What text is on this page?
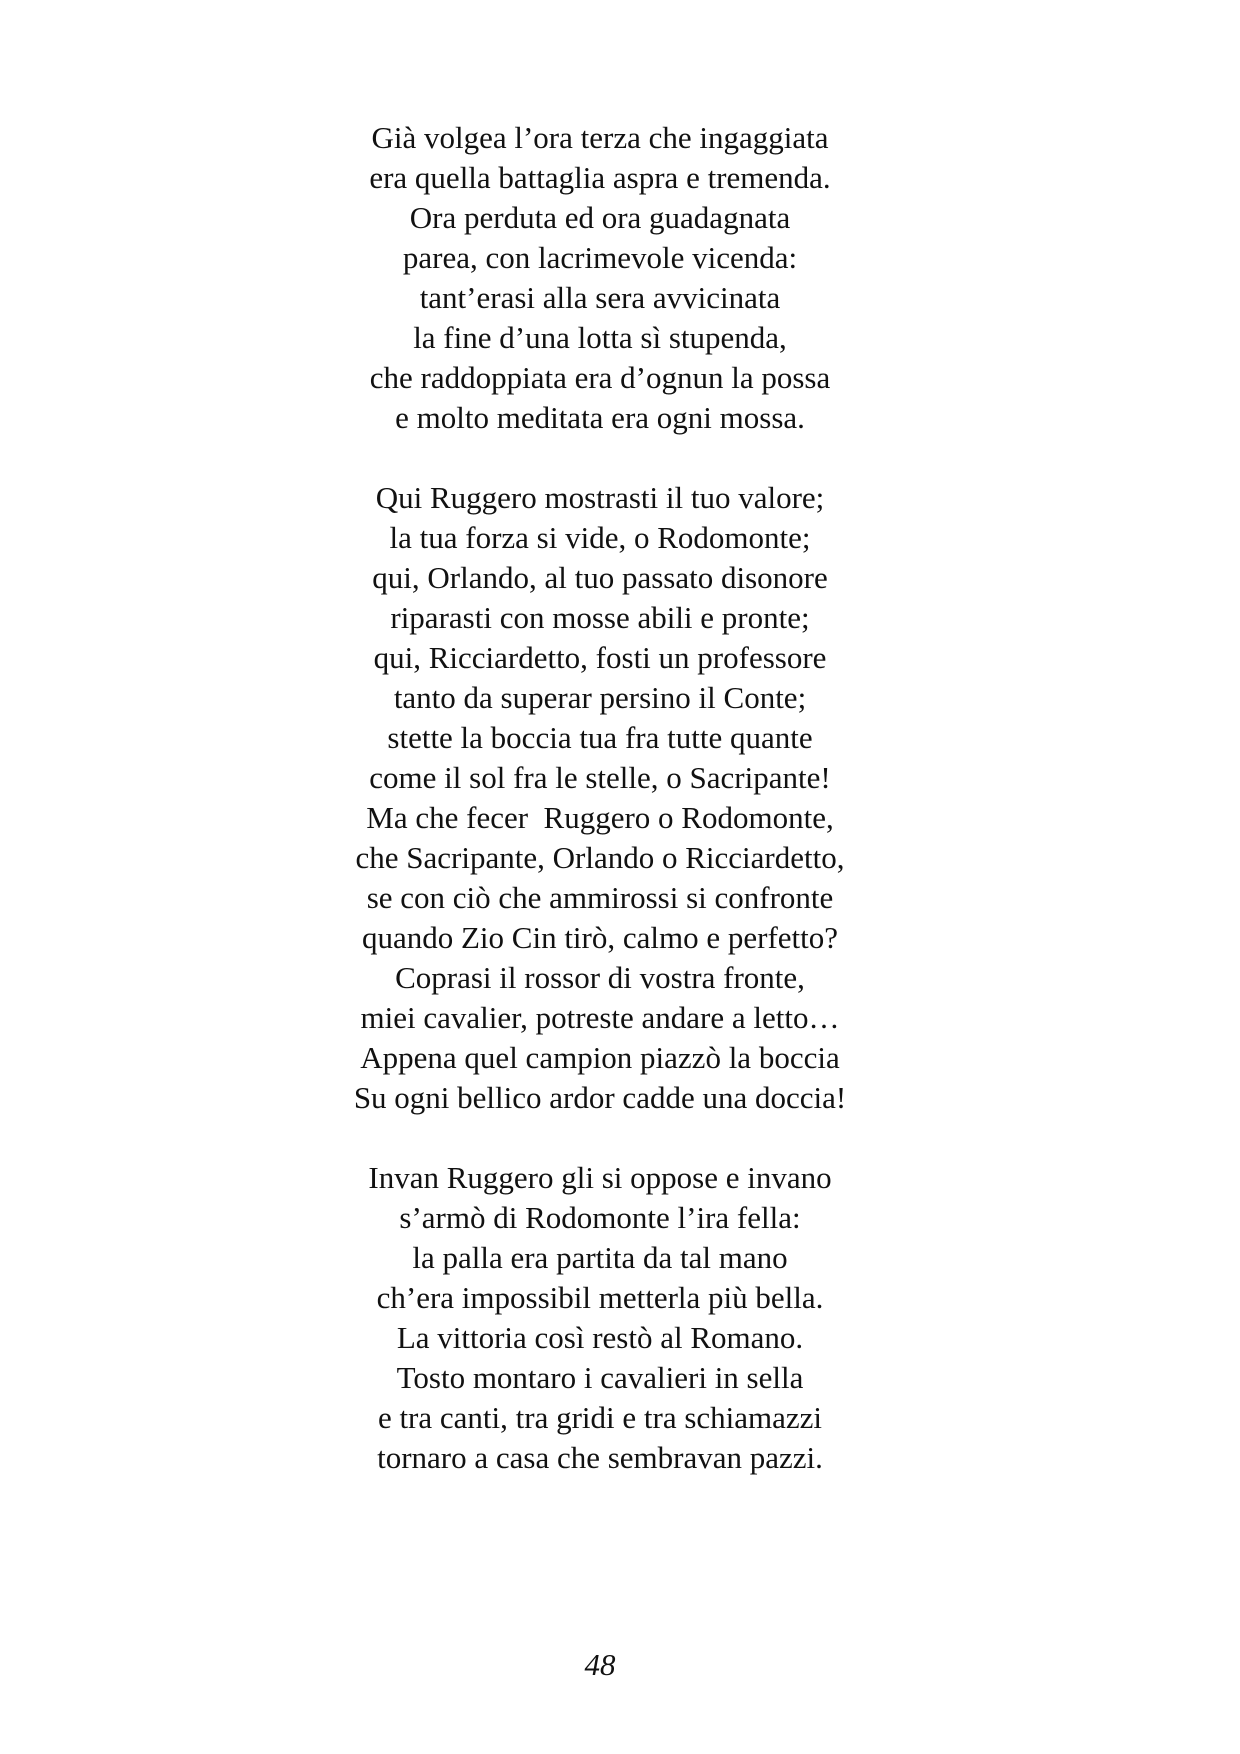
Già volgea l’ora terza che ingaggiata
era quella battaglia aspra e tremenda.
Ora perduta ed ora guadagnata
parea, con lacrimevole vicenda:
tant’erasi alla sera avvicinata
la fine d’una lotta sì stupenda,
che raddoppiata era d’ognun la possa
e molto meditata era ogni mossa.
Qui Ruggero mostrasti il tuo valore;
la tua forza si vide, o Rodomonte;
qui, Orlando, al tuo passato disonore
riparasti con mosse abili e pronte;
qui, Ricciardetto, fosti un professore
tanto da superar persino il Conte;
stette la boccia tua fra tutte quante
come il sol fra le stelle, o Sacripante!
Ma che fecer  Ruggero o Rodomonte,
che Sacripante, Orlando o Ricciardetto,
se con ciò che ammirossi si confronte
quando Zio Cin tirò, calmo e perfetto?
Coprasi il rossor di vostra fronte,
miei cavalier, potreste andare a letto…
Appena quel campion piazzò la boccia
Su ogni bellico ardor cadde una doccia!
Invan Ruggero gli si oppose e invano
s’armò di Rodomonte l’ira fella:
la palla era partita da tal mano
ch’era impossibil metterla più bella.
La vittoria così restò al Romano.
Tosto montaro i cavalieri in sella
e tra canti, tra gridi e tra schiamazzi
tornaro a casa che sembravan pazzi.
48
